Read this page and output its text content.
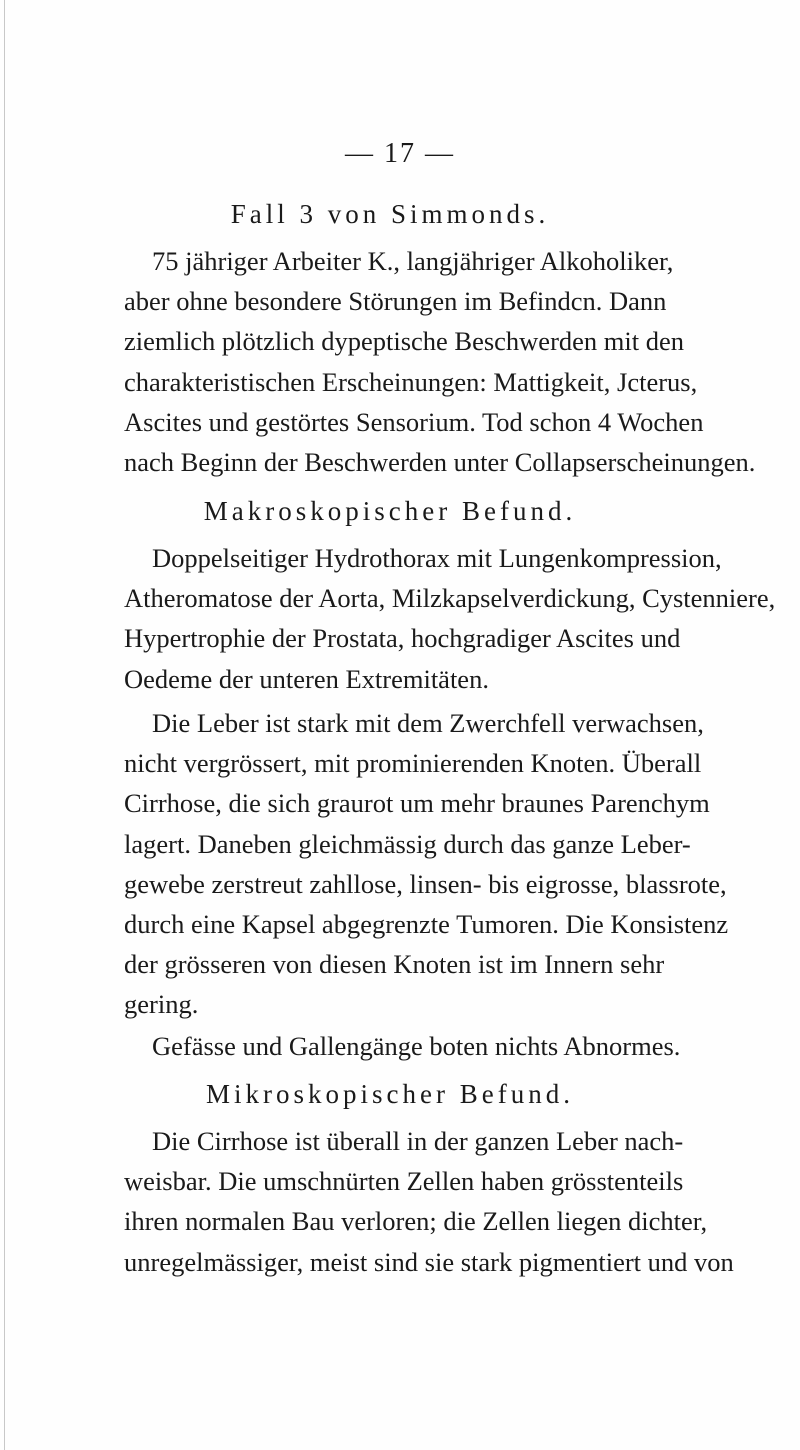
— 17 —
Fall 3 von Simmonds.
75 jähriger Arbeiter K., langjähriger Alkoholiker,
aber ohne besondere Störungen im Befindcn. Dann
ziemlich plötzlich dypeptische Beschwerden mit den
charakteristischen Erscheinungen: Mattigkeit, Jcterus,
Ascites und gestörtes Sensorium. Tod schon 4 Wochen
nach Beginn der Beschwerden unter Collapserscheinungen.
Makroskopischer Befund.
Doppelseitiger Hydrothorax mit Lungenkompression,
Atheromatose der Aorta, Milzkapselverdickung, Cystenniere,
Hypertrophie der Prostata, hochgradiger Ascites und
Oedeme der unteren Extremitäten.
Die Leber ist stark mit dem Zwerchfell verwachsen,
nicht vergrössert, mit prominierenden Knoten. Überall
Cirrhose, die sich graurot um mehr braunes Parenchym
lagert. Daneben gleichmässig durch das ganze Leber-
gewebe zerstreut zahllose, linsen- bis eigrosse, blassrote,
durch eine Kapsel abgegrenzte Tumoren. Die Konsistenz
der grösseren von diesen Knoten ist im Innern sehr
gering.
Gefässe und Gallengänge boten nichts Abnormes.
Mikroskopischer Befund.
Die Cirrhose ist überall in der ganzen Leber nach-
weisbar. Die umschnürten Zellen haben grösstenteils
ihren normalen Bau verloren; die Zellen liegen dichter,
unregelmässiger, meist sind sie stark pigmentiert und von
